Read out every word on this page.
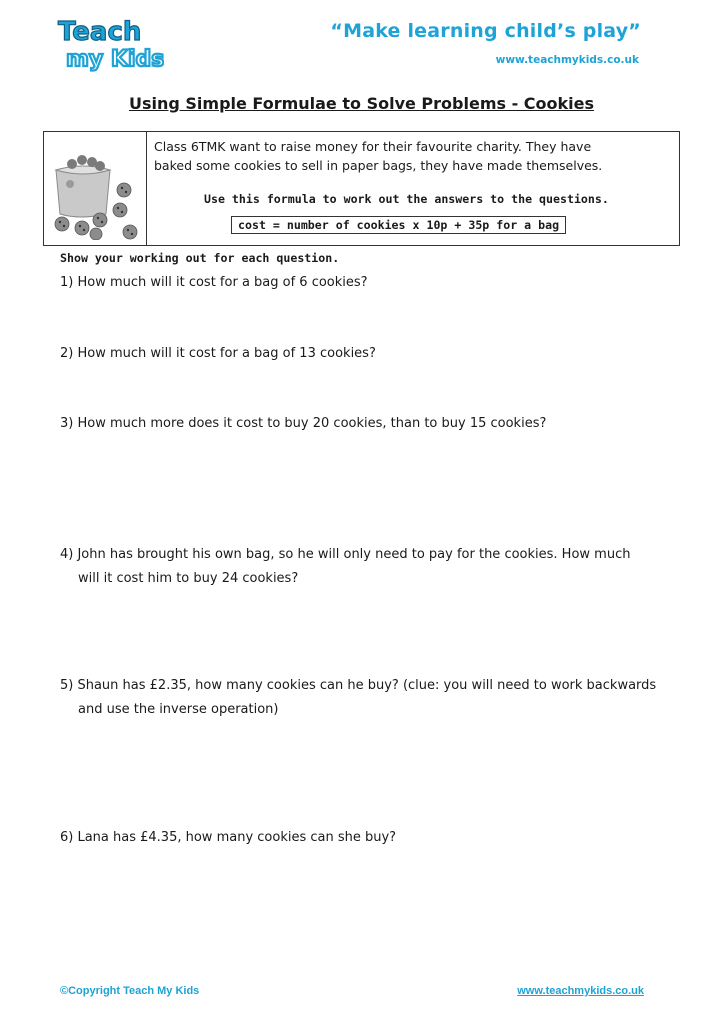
Teach
my Kids
“Make learning child’s play”
www.teachmykids.co.uk
Using Simple Formulae to Solve Problems - Cookies
Class 6TMK want to raise money for their favourite charity. They have
baked some cookies to sell in paper bags, they have made themselves.
Use this formula to work out the answers to the questions.
cost = number of cookies x 10p + 35p for a bag
Show your working out for each question.
1) How much will it cost for a bag of 6 cookies?
2) How much will it cost for a bag of 13 cookies?
3) How much more does it cost to buy 20 cookies, than to buy 15 cookies?
4) John has brought his own bag, so he will only need to pay for the cookies. How much
will it cost him to buy 24 cookies?
5) Shaun has £2.35, how many cookies can he buy? (clue: you will need to work backwards
and use the inverse operation)
6) Lana has £4.35, how many cookies can she buy?
©Copyright Teach My Kids	www.teachmykids.co.uk
